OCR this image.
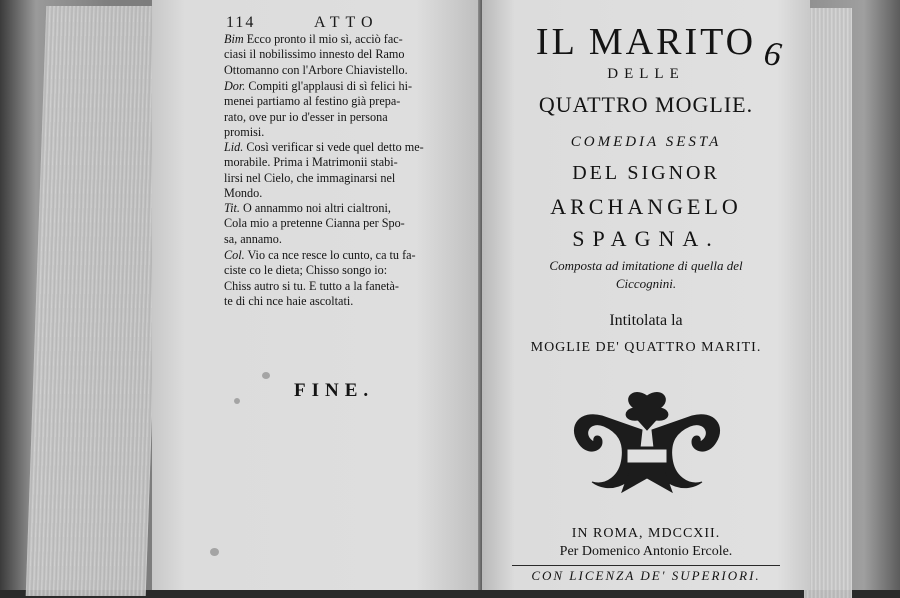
114	ATTO
Bim Ecco pronto il mio sì, acciò fac-
ciasi il nobilissimo innesto del Ramo
Ottomanno con l'Arbore Chiavistello.
Dor. Compiti gl'applausi di sì felici hi-
menei partiamo al festino già prepa-
rato, ove pur io d'esser in persona
promisi.
Lid. Così verificar si vede quel detto me-
morabile. Prima i Matrimonii stabi-
lirsi nel Cielo, che immaginarsi nel
Mondo.
Tit. O annammo noi altri cialtroni,
Cola mio a pretenne Cianna per Spo-
sa, annamo.
Col. Vio ca nce resce lo cunto, ca tu fa-
ciste co le dieta; Chisso songo io:
Chiss autro si tu. E tutto a la fanetà-
te di chi nce haie ascoltati.
FINE.
IL MARITO
DELLE
QUATTRO MOGLIE.
COMEDIA SESTA
DEL SIGNOR
ARCHANGELO
SPAGNA.
Composta ad imitatione di quella del
Ciccognini.
Intitolata la
MOGLIE DE' QUATTRO MARITI.
IN ROMA, MDCCXII.
Per Domenico Antonio Ercole.
CON LICENZA DE' SUPERIORI.
6
